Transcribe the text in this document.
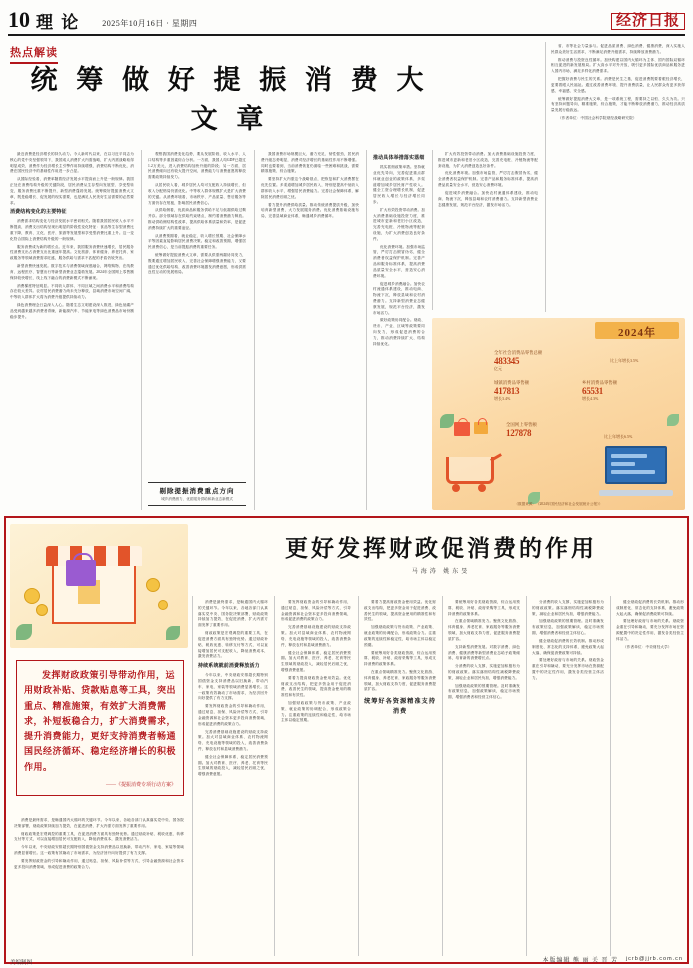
10 理 论	2025年10月16日 · 星期四	经济日报
热点解读
统 筹 做 好 提 振 消 费 大 文 章

最近消费是经济增长的持久动力。今人新时代以来，在以习近平同志为核心的党中央坚强领导下，我国成人消费扩大内需战略，扩大内需战略取得明显成效，消费作为经济增长主引擎作用持续增强，消费结构不断优化，消费在国民经济中的基础性作用进一步凸显。

从国际经验看，消费率随着经济发展水平提高而上升是一般规律。我国正处在消费结构升级的关键阶段，居民消费从生存型向发展型、享受型转变，服务消费比重不断提升，新型消费蓬勃发展。统筹做好提振消费大文章，既是稳增长、促发展的现实需要，也是满足人民美好生活需要的必然要求。

消费结构变化的主要特征

消费需求结构变化与经济发展水平密切相关。随着我国居民收入水平不断提高，消费支出结构呈现出明显的阶段性变化特征：食品等生存型消费比重下降，教育、文化、医疗、旅游等发展型和享受型消费比重上升。这一变化符合国际上消费结构升级的一般规律。

服务消费成为新的增长点。近年来，我国服务消费快速增长，居民服务性消费支出占消费支出比重逐年提高。文化旅游、体育健身、养老托育、家政服务等领域消费需求旺盛，服务供给与需求不匹配的矛盾仍较突出。

新型消费快速发展。数字技术与消费领域深度融合，网络购物、在线教育、远程医疗、智慧出行等新型消费业态蓬勃发展。2024年全国网上零售额保持较快增长，线上线下融合的消费新模式不断涌现。

消费梯度特征明显。不同收入群体、不同区域之间消费水平和消费结构存在较大差异。农村居民消费潜力尚未充分释放，县域消费市场空间广阔，中等收入群体扩大将为消费升级提供持续动力。

绿色消费理念日益深入人心。随着生态文明建设深入推进，绿色低碳产品受到越来越多消费者青睐，新能源汽车、节能家电等绿色消费品市场份额稳步提升。

观察我国消费变化趋势，要从发展阶段、收入水平、人口结构等多重因素综合分析。一方面，我国人均GDP已超过1.2万美元，进入消费结构加快升级的阶段；另一方面，居民消费倾向还有较大提升空间，消费能力与消费意愿的释放需要政策持续发力。

从居民收入看，城乡居民人均可支配收入持续增长，但收入分配格局仍需优化。中等收入群体规模扩大是扩大消费的关键。从消费环境看，市场秩序、产品质量、售后服务等方面仍存在短板，影响居民消费信心。

从供给侧看，优质商品和服务供给不足与低端供给过剩并存。部分领域存在供给约束堵点，制约着消费潜力释放。推动供给侧结构性改革，提高供给体系质量和效率，是促进消费持续扩大的重要途径。

从消费预期看，就业稳定、收入增长预期、社会保障水平等因素直接影响居民消费决策。稳定和改善预期，增强居民消费信心，是当前提振消费的重要任务。

统筹做好提振消费大文章，需要从供需两端协同发力，既要通过增加居民收入、完善社会保障增强消费能力，又要通过优化供给结构、改善消费环境激发消费意愿，形成供需良性互动的发展格局。

剔除提振消费重点方向
城乡消费潜力、优质服务供给和新业态新模式

我国消费市场规模巨大、潜力充足、韧性强劲，居民消费升级态势明显，消费对经济增长的基础性作用不断增强。同时也要看到，当前消费恢复仍面临一些困难和挑战，需要精准施策、综合施策。

要坚持扩大内需这个战略基点，把恢复和扩大消费摆在优先位置。多渠道增加城乡居民收入，特别是提高中低收入群体收入水平，增强居民消费能力。完善社会保障体系，解除居民消费后顾之忧。

着力提升消费供给质量。推动传统消费提质升级，加快培育新型消费，大力发展服务消费。优化消费基础设施布局，完善县域商业体系，畅通城乡消费循环。

推动具体举措落实落细

抓实抓细政策举措。坚持就业优先导向，完善促进重点群体就业创业的政策体系，多渠道增加城乡居民财产性收入。健全工资合理增长机制，促进居民收入增长与经济增长同步。

扩大有效投资带动消费。加大消费基础设施投资力度，推进城市更新和老旧小区改造，完善充电桩、冷链物流等配套设施，为扩大消费创造良好条件。

优化消费环境。加强市场监管，严厉打击假冒伪劣，健全消费者权益保护机制。完善产品和服务标准体系，提高消费品质量安全水平，营造安心消费环境。

促进城乡消费融合。加快农村流通体系建设，推动电商、物流下沉，释放县域和农村消费潜力。支持新型消费业态健康发展，规范平台经济，激发市场活力。

做好政策协同配合。财政、货币、产业、区域等政策要同向发力，形成促进消费的合力，推动消费持续扩大、结构持续优化。

扩大有效投资带动消费。加大消费基础设施投资力度，推进城市更新和老旧小区改造，完善充电桩、冷链物流等配套设施，为扩大消费创造良好条件。

优化消费环境。加强市场监管，严厉打击假冒伪劣，健全消费者权益保护机制。完善产品和服务标准体系，提高消费品质量安全水平，营造安心消费环境。

促进城乡消费融合。加快农村流通体系建设，推动电商、物流下沉，释放县域和农村消费潜力。支持新型消费业态健康发展，规范平台经济，激发市场活力。

省、市等社会力量参与。促进品质消费、绿色消费、健康消费，深入实施人民群众美好生活需求，不断满足消费升级需求，持续释放消费潜力。

推动消费与投资良性循环。加快构建以国内大循环为主体、国内国际双循环相互促进的新发展格局。扩大高水平对外开放，吸引更多国际优质商品和服务进入国内市场，满足多样化消费需求。

把握好消费与民生的关系。消费是民生之基，促进消费既要着眼经济增长，更要着眼人民福祉。通过改善消费环境、提升消费质量，让人民群众有更多获得感、幸福感、安全感。

统筹做好提振消费大文章，是一项系统工程，需要持之以恒、久久为功。只有坚持问题导向，精准施策、综合施策，才能不断释放消费潜力，推动经济高质量发展行稳致远。

（作者单位：中国社会科学院财经战略研究院）

2024年
全年社会消费品零售总额
483345
亿元
比上年增长3.5%
城镇消费品零售额
417813
增长3.4%
乡村消费品零售额
65531
增长4.3%
全国网上零售额
127878	比上年增长6.5%
（数据来源：《2024年国民经济和社会发展统计公报》）
更好发挥财政促消费的作用
马海涛 姚东旻
发挥财政政策引导带动作用，运用财政补贴、贷款贴息等工具，突出重点、精准施策，有效扩大消费需求，补短板稳合力，扩大消费需求，提升消费能力，更好支持消费者畅通国民经济循环、稳定经济增长的积极作用。
——《提振消费专项行动方案》

消费是最终需求，是畅通国内大循环的关键环节。今年以来，各地各部门认真落实党中央、国务院决策部署，财政政策持续加力提效，在促进消费、扩大内需方面发挥了重要作用。

财政政策是宏观调控的重要工具，在促进消费方面具有独特优势。通过财政补贴、税收优惠、转移支付等方式，可以直接增加居民可支配收入，降低消费成本，激发消费活力。

今年以来，中央财政安排超长期特别国债资金支持消费品以旧换新，带动汽车、家电、家装等领域消费显著增长。这一政策有效撬动了市场需求，为经济回升向好提供了有力支撑。

要发挥财政资金的引导和撬动作用，通过贴息、担保、风险补偿等方式，引导金融资源和社会资本更多投向消费领域，形成促进消费的政策合力。

消费是最终需求，是畅通国内大循环的关键环节。今年以来，各地各部门认真落实党中央、国务院决策部署，财政政策持续加力提效，在促进消费、扩大内需方面发挥了重要作用。

财政政策是宏观调控的重要工具，在促进消费方面具有独特优势。通过财政补贴、税收优惠、转移支付等方式，可以直接增加居民可支配收入，降低消费成本，激发消费活力。

持续系统就前消费释放活力

今年以来，中央财政安排超长期特别国债资金支持消费品以旧换新，带动汽车、家电、家装等领域消费显著增长。这一政策有效撬动了市场需求，为经济回升向好提供了有力支撑。

要发挥财政资金的引导和撬动作用，通过贴息、担保、风险补偿等方式，引导金融资源和社会资本更多投向消费领域，形成促进消费的政策合力。

完善消费基础设施建设的财政支持政策。加大对县域商业体系、农村物流网络、充电设施等领域的投入，改善消费条件，释放农村和县域消费潜力。

健全社会保障体系，稳定居民消费预期。加大对教育、医疗、养老、托育等民生领域的财政投入，减轻居民后顾之忧，增强消费意愿。

要发挥财政资金的引导和撬动作用，通过贴息、担保、风险补偿等方式，引导金融资源和社会资本更多投向消费领域，形成促进消费的政策合力。

完善消费基础设施建设的财政支持政策。加大对县域商业体系、农村物流网络、充电设施等领域的投入，改善消费条件，释放农村和县域消费潜力。

健全社会保障体系，稳定居民消费预期。加大对教育、医疗、养老、托育等民生领域的财政投入，减轻居民后顾之忧，增强消费意愿。

要着力提高财政资金使用效益。优化财政支出结构，把更多资金用于促进消费、改善民生的领域，提高资金使用的精准性和有效性。

加强财政政策与货币政策、产业政策、就业政策的协调配合，形成政策合力。注重政策的连续性和稳定性，给市场主体以稳定预期。

要着力提高财政资金使用效益。优化财政支出结构，把更多资金用于促进消费、改善民生的领域，提高资金使用的精准性和有效性。

加强财政政策与货币政策、产业政策、就业政策的协调配合，形成政策合力。注重政策的连续性和稳定性，给市场主体以稳定预期。

要统筹用好各类财政资源，综合运用预算、税收、补贴、政府采购等工具，形成支持消费的政策体系。

在重点领域精准发力。聚焦文化旅游、体育健身、养老托育、家政服务等服务消费领域，加大财政支持力度，促进服务消费提质扩容。

统筹好各资源精准支持消费

要统筹用好各类财政资源，综合运用预算、税收、补贴、政府采购等工具，形成支持消费的政策体系。

在重点领域精准发力。聚焦文化旅游、体育健身、养老托育、家政服务等服务消费领域，加大财政支持力度，促进服务消费提质扩容。

支持新型消费发展。对数字消费、绿色消费、健康消费等新型消费业态给予政策倾斜，培育新的消费增长点。

分消费的收入支撑，实施更加积极有为的财政政策。落实落细结构性减税降费政策，减轻企业和居民负担，增强消费能力。

加强财政政策的预期管理。及时准确发布政策信息，加强政策解读，稳定市场预期，增强消费者和经营主体信心。

分消费的收入支撑，实施更加积极有为的财政政策。落实落细结构性减税降费政策，减轻企业和居民负担，增强消费能力。

加强财政政策的预期管理。及时准确发布政策信息，加强政策解读，稳定市场预期，增强消费者和经营主体信心。

健全财政促消费的长效机制。推动形成制度化、常态化的支持体系，避免政策大起大落，确保促消费政策可持续。

要处理好政府与市场的关系。财政资金重在引导和撬动，要充分发挥市场在资源配置中的决定性作用，激发各类经营主体活力。

健全财政促消费的长效机制。推动形成制度化、常态化的支持体系，避免政策大起大落，确保促消费政策可持续。

要处理好政府与市场的关系。财政资金重在引导和撬动，要充分发挥市场在资源配置中的决定性作用，激发各类经营主体活力。

（作者单位：中央财经大学）

本版编辑 熊 丽 关 晋 芳 jcrb@jjrb.com.cn
美编制图
